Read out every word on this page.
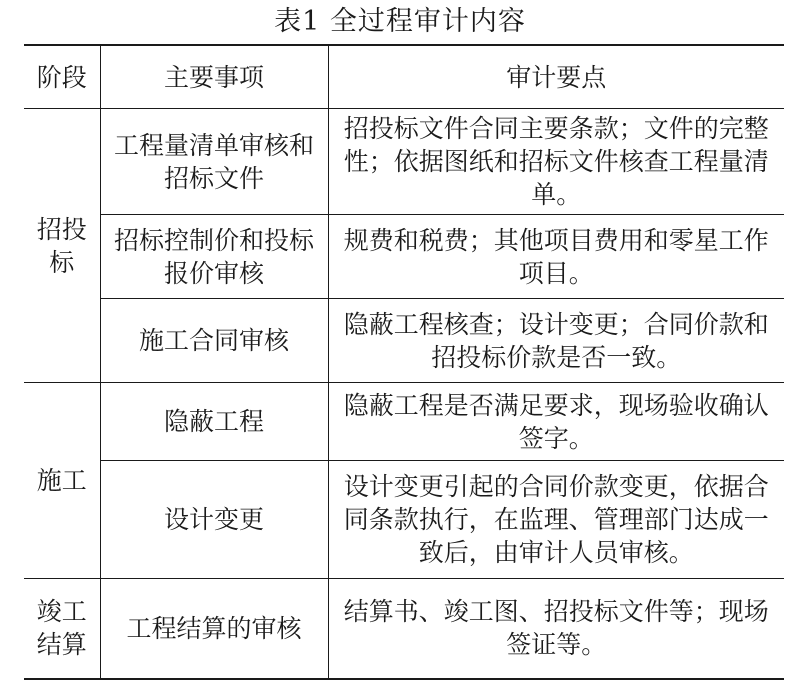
表1 全过程审计内容
阶段	主要事项	审计要点
招投标	工程量清单审核和招标文件	招投标文件合同主要条款；文件的完整性；依据图纸和招标文件核查工程量清单。
	招标控制价和投标报价审核	规费和税费；其他项目费用和零星工作项目。
	施工合同审核	隐蔽工程核查；设计变更；合同价款和招投标价款是否一致。
施工	隐蔽工程	隐蔽工程是否满足要求，现场验收确认签字。
	设计变更	设计变更引起的合同价款变更，依据合同条款执行，在监理、管理部门达成一致后，由审计人员审核。
竣工结算	工程结算的审核	结算书、竣工图、招投标文件等；现场签证等。
